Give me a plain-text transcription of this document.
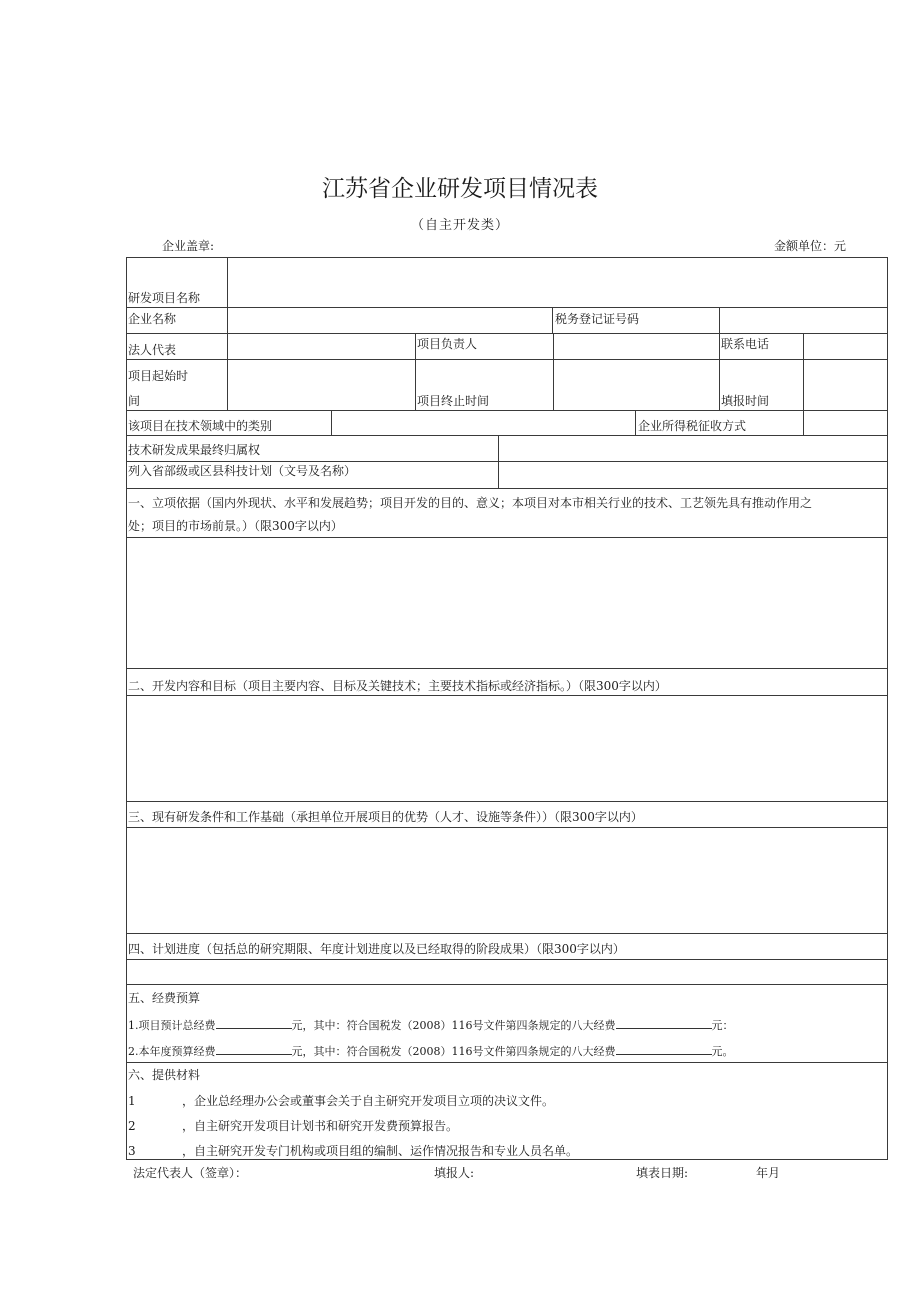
江苏省企业研发项目情况表
（自主开发类）
企业盖章:	金额单位：元
研发项目名称
企业名称	税务登记证号码
法人代表	项目负责人	联系电话
项目起始时
间	项目终止时间	填报时间
该项目在技术领域中的类别	企业所得税征收方式
技术研发成果最终归属权
列入省部级或区县科技计划（文号及名称）
一、立项依据（国内外现状、水平和发展趋势；项目开发的目的、意义；本项目对本市相关行业的技术、工艺领先具有推动作用之
处；项目的市场前景。）（限300字以内）
二、开发内容和目标（项目主要内容、目标及关键技术；主要技术指标或经济指标。）（限300字以内）
三、现有研发条件和工作基础（承担单位开展项目的优势（人才、设施等条件））（限300字以内）
四、计划进度（包括总的研究期限、年度计划进度以及已经取得的阶段成果）（限300字以内）
五、经费预算
1.项目预计总经费	元，其中：符合国税发（2008）116号文件第四条规定的八大经费	元：
2.本年度预算经费	元，其中：符合国税发（2008）116号文件第四条规定的八大经费	元。
六、提供材料
1	，企业总经理办公会或董事会关于自主研究开发项目立项的决议文件。
2	，自主研究开发项目计划书和研究开发费预算报告。
3	，自主研究开发专门机构或项目组的编制、运作情况报告和专业人员名单。
法定代表人（签章）：	填报人:	填表日期:	年月
